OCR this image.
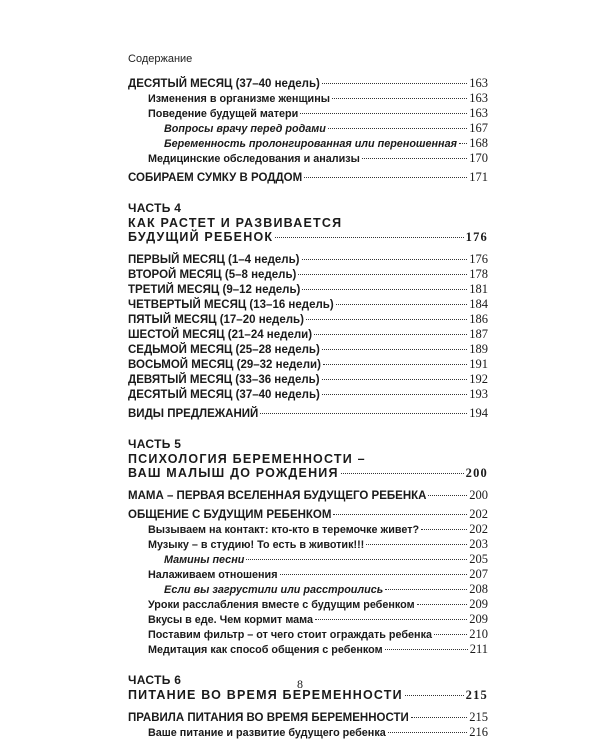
Содержание
ДЕСЯТЫЙ МЕСЯЦ (37–40 недель)	163
Изменения в организме женщины	163
Поведение будущей матери	163
Вопросы врачу перед родами	167
Беременность пролонгированная или переношенная 168
Медицинские обследования и анализы	170
СОБИРАЕМ СУМКУ В РОДДОМ	171
ЧАСТЬ 4
КАК РАСТЕТ И РАЗВИВАЕТСЯ
БУДУЩИЙ РЕБЕНОК	176
ПЕРВЫЙ МЕСЯЦ (1–4 недель)	176
ВТОРОЙ МЕСЯЦ (5–8 недель)	178
ТРЕТИЙ МЕСЯЦ (9–12 недель)	181
ЧЕТВЕРТЫЙ МЕСЯЦ (13–16 недель)	184
ПЯТЫЙ МЕСЯЦ (17–20 недель)	186
ШЕСТОЙ МЕСЯЦ (21–24 недели)	187
СЕДЬМОЙ МЕСЯЦ (25–28 недель)	189
ВОСЬМОЙ МЕСЯЦ (29–32 недели)	191
ДЕВЯТЫЙ МЕСЯЦ (33–36 недель)	192
ДЕСЯТЫЙ МЕСЯЦ (37–40 недель)	193
ВИДЫ ПРЕДЛЕЖАНИЙ	194
ЧАСТЬ 5
ПСИХОЛОГИЯ БЕРЕМЕННОСТИ –
ВАШ МАЛЫШ ДО РОЖДЕНИЯ	200
МАМА – ПЕРВАЯ ВСЕЛЕННАЯ БУДУЩЕГО РЕБЕНКА	200
ОБЩЕНИЕ С БУДУЩИМ РЕБЕНКОМ	202
Вызываем на контакт: кто-кто в теремочке живет?	202
Музыку – в студию! То есть в животик!!!	203
Мамины песни	205
Налаживаем отношения	207
Если вы загрустили или расстроились	208
Уроки расслабления вместе с будущим ребенком	209
Вкусы в еде. Чем кормит мама	209
Поставим фильтр – от чего стоит ограждать ребенка	210
Медитация как способ общения с ребенком	211
ЧАСТЬ 6
ПИТАНИЕ ВО ВРЕМЯ БЕРЕМЕННОСТИ	215
ПРАВИЛА ПИТАНИЯ ВО ВРЕМЯ БЕРЕМЕННОСТИ	215
Ваше питание и развитие будущего ребенка	216
8
